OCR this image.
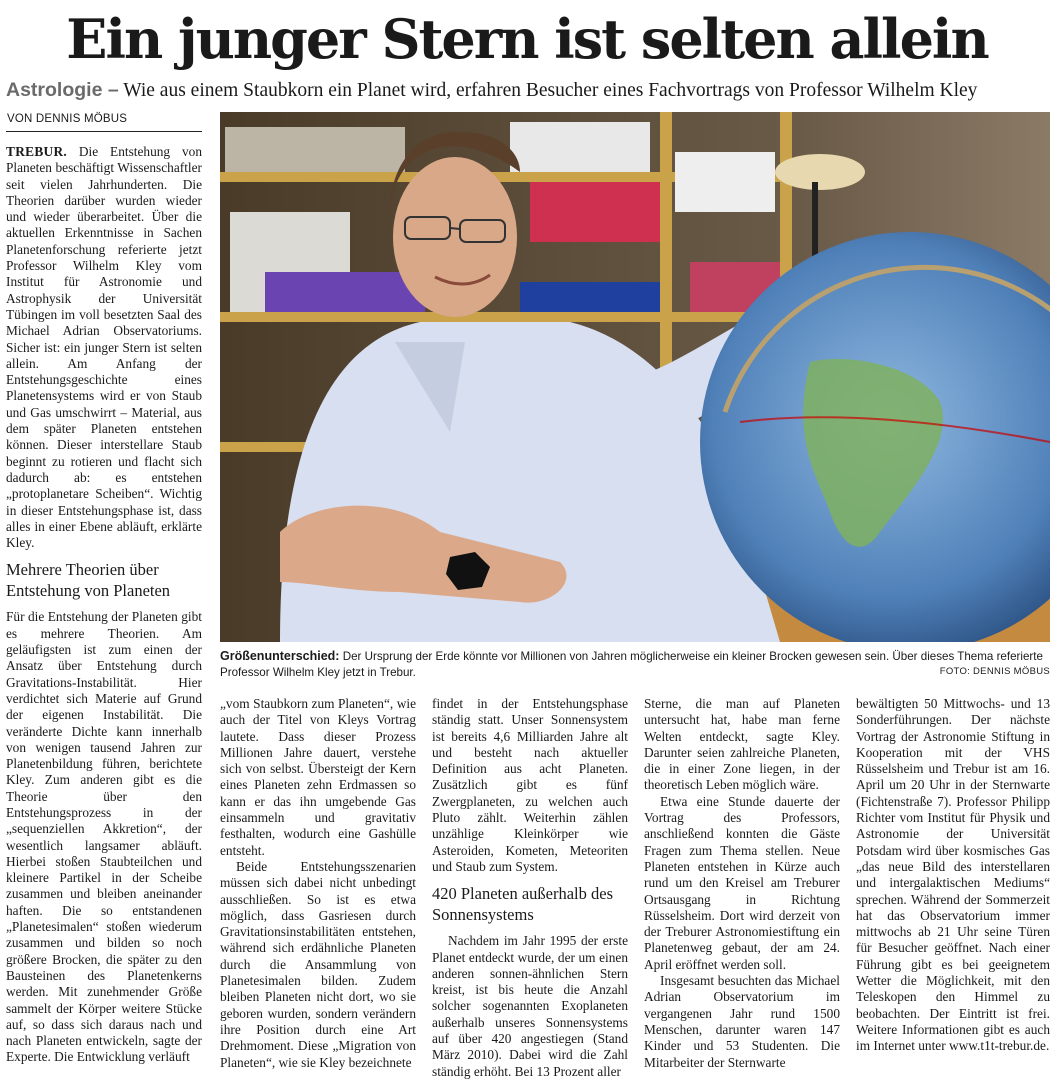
Ein junger Stern ist selten allein
Astrologie – Wie aus einem Staubkorn ein Planet wird, erfahren Besucher eines Fachvortrags von Professor Wilhelm Kley
VON DENNIS MÖBUS

TREBUR. Die Entstehung von Planeten beschäftigt Wissenschaftler seit vielen Jahrhunderten. Die Theorien darüber wurden wieder und wieder überarbeitet. Über die aktuellen Erkenntnisse in Sachen Planetenforschung referierte jetzt Professor Wilhelm Kley vom Institut für Astronomie und Astrophysik der Universität Tübingen im voll besetzten Saal des Michael Adrian Observatoriums. Sicher ist: ein junger Stern ist selten allein. Am Anfang der Entstehungsgeschichte eines Planetensystems wird er von Staub und Gas umschwirrt – Material, aus dem später Planeten entstehen können. Dieser interstellare Staub beginnt zu rotieren und flacht sich dadurch ab: es entstehen „protoplanetare Scheiben“. Wichtig in dieser Entstehungsphase ist, dass alles in einer Ebene abläuft, erklärte Kley.

Mehrere Theorien über Entstehung von Planeten

Für die Entstehung der Planeten gibt es mehrere Theorien. Am geläufigsten ist zum einen der Ansatz über Entstehung durch Gravitations-Instabilität. Hier verdichtet sich Materie auf Grund der eigenen Instabilität. Die veränderte Dichte kann innerhalb von wenigen tausend Jahren zur Planetenbildung führen, berichtete Kley. Zum anderen gibt es die Theorie über den Entstehungsprozess in der „sequenziellen Akkretion“, der wesentlich langsamer abläuft. Hierbei stoßen Staubteilchen und kleinere Partikel in der Scheibe zusammen und bleiben aneinander haften. Die so entstandenen „Planetesimalen“ stoßen wiederum zusammen und bilden so noch größere Brocken, die später zu den Bausteinen des Planetenkerns werden. Mit zunehmender Größe sammelt der Körper weitere Stücke auf, so dass sich daraus nach und nach Planeten entwickeln, sagte der Experte. Die Entwicklung verläuft

Größenunterschied: Der Ursprung der Erde könnte vor Millionen von Jahren möglicherweise ein kleiner Brocken gewesen sein. Über dieses Thema referierte Professor Wilhelm Kley jetzt in Trebur.	FOTO: DENNIS MÖBUS

„vom Staubkorn zum Planeten“, wie auch der Titel von Kleys Vortrag lautete. Dass dieser Prozess Millionen Jahre dauert, verstehe sich von selbst. Übersteigt der Kern eines Planeten zehn Erdmassen so kann er das ihn umgebende Gas einsammeln und gravitativ festhalten, wodurch eine Gashülle entsteht.

Beide Entstehungsszenarien müssen sich dabei nicht unbedingt ausschließen. So ist es etwa möglich, dass Gasriesen durch Gravitationsinstabilitäten entstehen, während sich erdähnliche Planeten durch die Ansammlung von Planetesimalen bilden. Zudem bleiben Planeten nicht dort, wo sie geboren wurden, sondern verändern ihre Position durch eine Art Drehmoment. Diese „Migration von Planeten“, wie sie Kley bezeichnete

findet in der Entstehungsphase ständig statt. Unser Sonnensystem ist bereits 4,6 Milliarden Jahre alt und besteht nach aktueller Definition aus acht Planeten. Zusätzlich gibt es fünf Zwergplaneten, zu welchen auch Pluto zählt. Weiterhin zählen unzählige Kleinkörper wie Asteroiden, Kometen, Meteoriten und Staub zum System.

420 Planeten außerhalb des Sonnensystems

Nachdem im Jahr 1995 der erste Planet entdeckt wurde, der um einen anderen sonnen-ähnlichen Stern kreist, ist bis heute die Anzahl solcher sogenannten Exoplaneten außerhalb unseres Sonnensystems auf über 420 angestiegen (Stand März 2010). Dabei wird die Zahl ständig erhöht. Bei 13 Prozent aller

Sterne, die man auf Planeten untersucht hat, habe man ferne Welten entdeckt, sagte Kley. Darunter seien zahlreiche Planeten, die in einer Zone liegen, in der theoretisch Leben möglich wäre.

Etwa eine Stunde dauerte der Vortrag des Professors, anschließend konnten die Gäste Fragen zum Thema stellen. Neue Planeten entstehen in Kürze auch rund um den Kreisel am Treburer Ortsausgang in Richtung Rüsselsheim. Dort wird derzeit von der Treburer Astronomiestiftung ein Planetenweg gebaut, der am 24. April eröffnet werden soll.

Insgesamt besuchten das Michael Adrian Observatorium im vergangenen Jahr rund 1500 Menschen, darunter waren 147 Kinder und 53 Studenten. Die Mitarbeiter der Sternwarte

bewältigten 50 Mittwochs- und 13 Sonderführungen. Der nächste Vortrag der Astronomie Stiftung in Kooperation mit der VHS Rüsselsheim und Trebur ist am 16. April um 20 Uhr in der Sternwarte (Fichtenstraße 7). Professor Philipp Richter vom Institut für Physik und Astronomie der Universität Potsdam wird über kosmisches Gas „das neue Bild des interstellaren und intergalaktischen Mediums“ sprechen. Während der Sommerzeit hat das Observatorium immer mittwochs ab 21 Uhr seine Türen für Besucher geöffnet. Nach einer Führung gibt es bei geeignetem Wetter die Möglichkeit, mit den Teleskopen den Himmel zu beobachten. Der Eintritt ist frei. Weitere Informationen gibt es auch im Internet unter www.t1t-trebur.de.
